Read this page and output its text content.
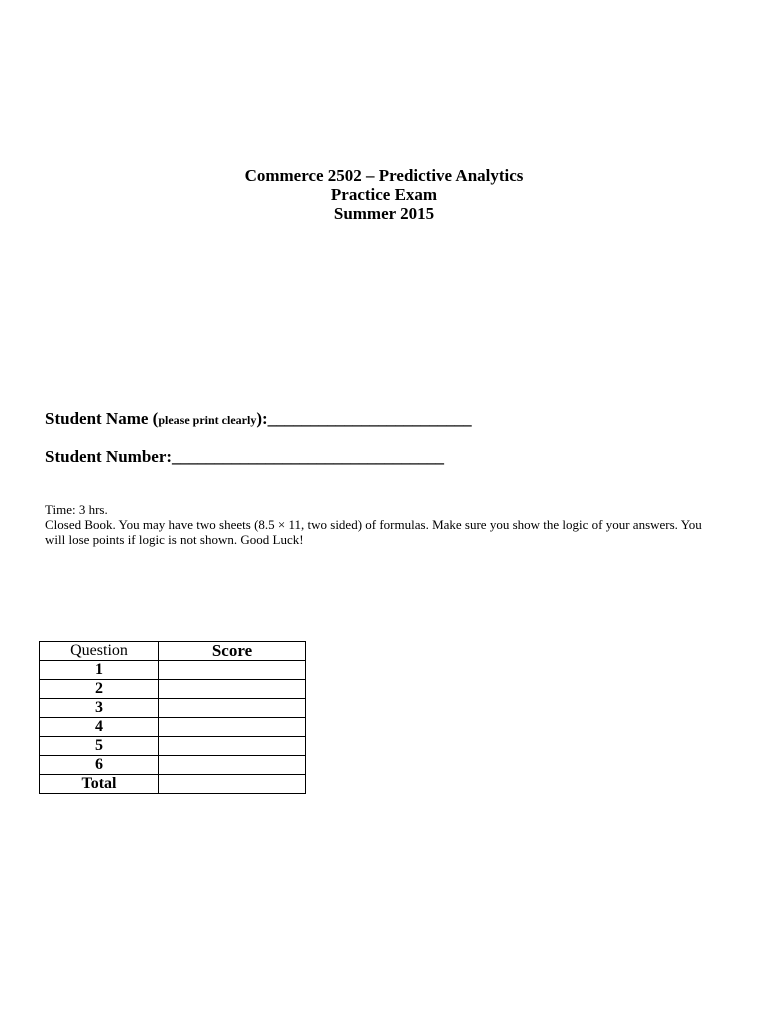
Commerce 2502 – Predictive Analytics
Practice Exam
Summer 2015
Student Name (please print clearly):________________________
Student Number:________________________________

Time: 3 hrs.

Closed Book. You may have two sheets (8.5 × 11, two sided) of formulas. Make sure you show the logic of your answers. You will lose points if logic is not shown. Good Luck!

Question	Score
1	
2	
3	
4	
5	
6	
Total	
